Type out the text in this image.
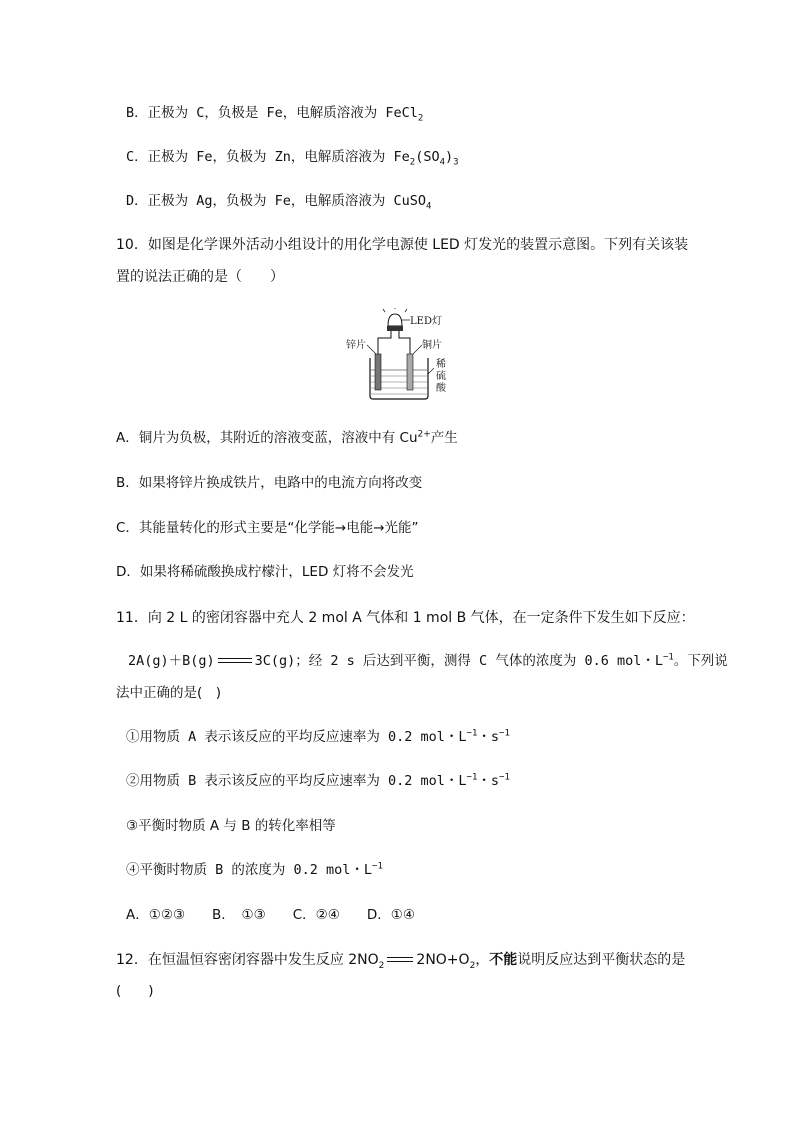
B．正极为 C，负极是 Fe，电解质溶液为 FeCl$_2$
C．正极为 Fe，负极为 Zn，电解质溶液为 $Fe_2(SO_4)_3$
D．正极为 Ag，负极为 Fe，电解质溶液为 CuSO$_4$
10．如图是化学课外活动小组设计的用化学电源使 LED 灯发光的装置示意图。下列有关该装
置的说法正确的是（　　）
LED灯
锌片	铜片
稀
硫
酸
A．铜片为负极，其附近的溶液变蓝，溶液中有 $Cu^{2+}$产生
B．如果将锌片换成铁片，电路中的电流方向将改变
C．其能量转化的形式主要是“化学能→电能→光能”
D．如果将稀硫酸换成柠檬汁，LED 灯将不会发光
11．向 2 L 的密闭容器中充人 2 mol A 气体和 1 mol B 气体，在一定条件下发生如下反应：
2A(g)＋B(g)	3C(g)；经 2 s 后达到平衡，测得 C 气体的浓度为 0.6 mol・$L^{-1}$。下列说
法中正确的是(　)
①用物质 A 表示该反应的平均反应速率为 0.2 mol・$L^{-1}$・$s^{-1}$
②用物质 B 表示该反应的平均反应速率为 0.2 mol・$L^{-1}$・$s^{-1}$
③平衡时物质 A 与 B 的转化率相等
④平衡时物质 B 的浓度为 0.2 mol・$L^{-1}$
A．①②③　　B．　①③　　C．②④　　D．①④
12．在恒温恒容密闭容器中发生反应 $2NO_2$ $2NO+O_2$，不能说明反应达到平衡状态的是
(　　)
